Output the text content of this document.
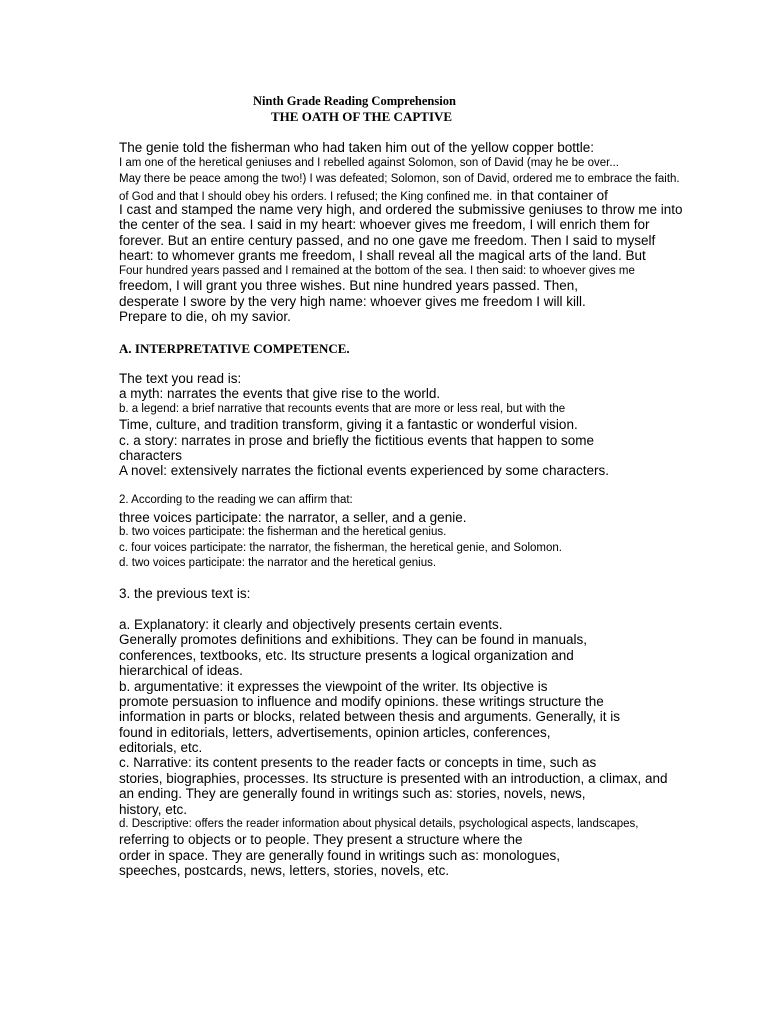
Ninth Grade Reading Comprehension
THE OATH OF THE CAPTIVE
The genie told the fisherman who had taken him out of the yellow copper bottle:
I am one of the heretical geniuses and I rebelled against Solomon, son of David (may he be over...
May there be peace among the two!) I was defeated; Solomon, son of David, ordered me to embrace the faith.
of God and that I should obey his orders. I refused; the King confined me. in that container of
I cast and stamped the name very high, and ordered the submissive geniuses to throw me into
the center of the sea. I said in my heart: whoever gives me freedom, I will enrich them for
forever. But an entire century passed, and no one gave me freedom. Then I said to myself
heart: to whomever grants me freedom, I shall reveal all the magical arts of the land. But
Four hundred years passed and I remained at the bottom of the sea. I then said: to whoever gives me
freedom, I will grant you three wishes. But nine hundred years passed. Then,
desperate I swore by the very high name: whoever gives me freedom I will kill.
Prepare to die, oh my savior.
A. INTERPRETATIVE COMPETENCE.
The text you read is:
a myth: narrates the events that give rise to the world.
b. a legend: a brief narrative that recounts events that are more or less real, but with the
Time, culture, and tradition transform, giving it a fantastic or wonderful vision.
c. a story: narrates in prose and briefly the fictitious events that happen to some
characters
A novel: extensively narrates the fictional events experienced by some characters.
2. According to the reading we can affirm that:
three voices participate: the narrator, a seller, and a genie.
b. two voices participate: the fisherman and the heretical genius.
c. four voices participate: the narrator, the fisherman, the heretical genie, and Solomon.
d. two voices participate: the narrator and the heretical genius.
3. the previous text is:
a. Explanatory: it clearly and objectively presents certain events.
Generally promotes definitions and exhibitions. They can be found in manuals,
conferences, textbooks, etc. Its structure presents a logical organization and
hierarchical of ideas.
b. argumentative: it expresses the viewpoint of the writer. Its objective is
promote persuasion to influence and modify opinions. these writings structure the
information in parts or blocks, related between thesis and arguments. Generally, it is
found in editorials, letters, advertisements, opinion articles, conferences,
editorials, etc.
c. Narrative: its content presents to the reader facts or concepts in time, such as
stories, biographies, processes. Its structure is presented with an introduction, a climax, and
an ending. They are generally found in writings such as: stories, novels, news,
history, etc.
d. Descriptive: offers the reader information about physical details, psychological aspects, landscapes,
referring to objects or to people. They present a structure where the
order in space. They are generally found in writings such as: monologues,
speeches, postcards, news, letters, stories, novels, etc.
